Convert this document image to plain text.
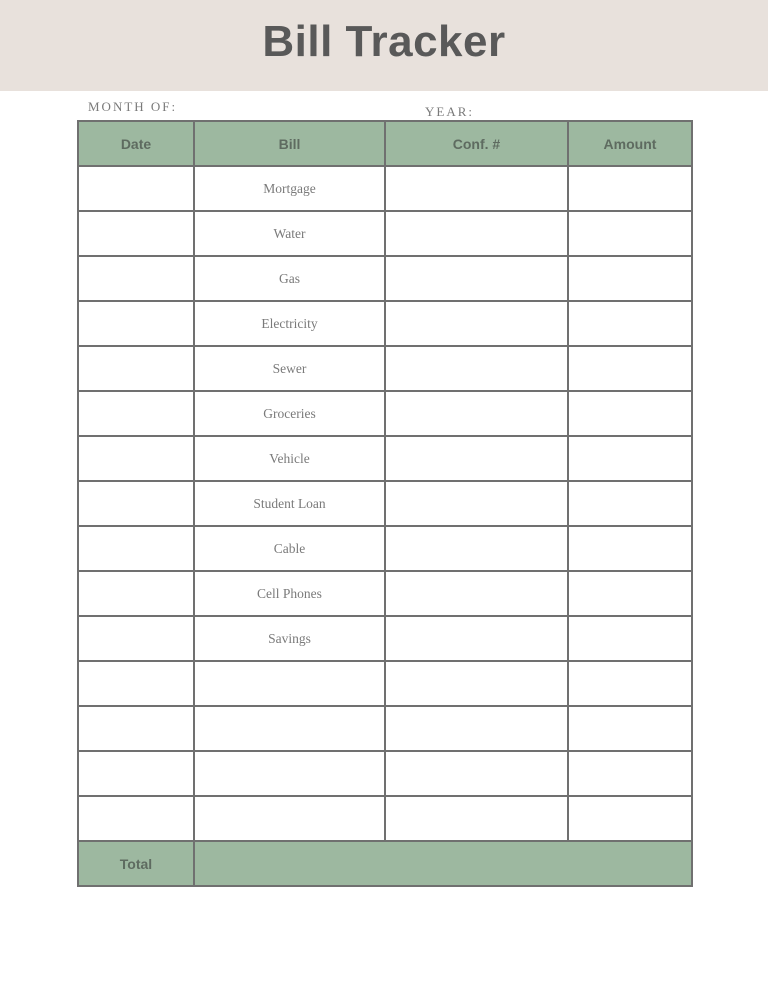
Bill Tracker
MONTH OF:	YEAR:
Date	Bill	Conf. #	Amount
	Mortgage		
	Water		
	Gas		
	Electricity		
	Sewer		
	Groceries		
	Vehicle		
	Student Loan		
	Cable		
	Cell Phones		
	Savings		

Total			
